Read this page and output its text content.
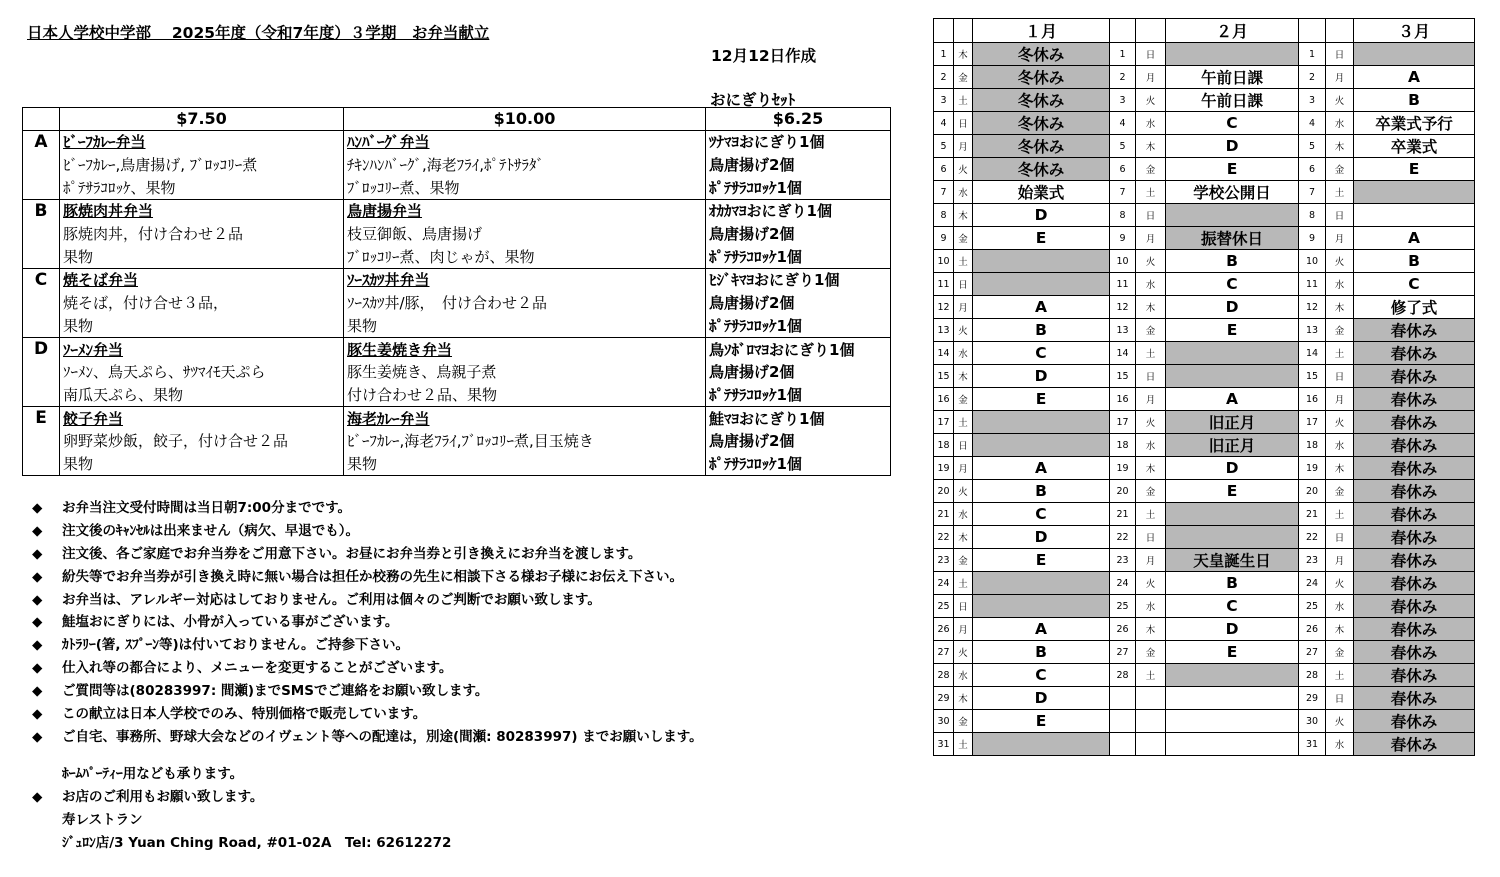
日本人学校中学部　 2025年度（令和7年度）３学期　お弁当献立
12月12日作成
おにぎりｾｯﾄ
	$7.50	$10.00	$6.25
A	ﾋﾞｰﾌｶﾚｰ弁当	ﾊﾝﾊﾞｰｸﾞ弁当	ﾂﾅﾏﾖおにぎり1個
	ﾋﾞｰﾌｶﾚｰ,鳥唐揚げ, ﾌﾞﾛｯｺﾘｰ煮	ﾁｷﾝﾊﾝﾊﾞｰｸﾞ,海老ﾌﾗｲ,ﾎﾟﾃﾄｻﾗﾀﾞ	鳥唐揚げ2個
	ﾎﾟﾃｻﾗｺﾛｯｹ、果物	ﾌﾞﾛｯｺﾘｰ煮、果物	ﾎﾟﾃｻﾗｺﾛｯｹ1個
B	豚焼肉丼弁当	鳥唐揚弁当	ｵｶｶﾏﾖおにぎり1個
	豚焼肉丼，付け合わせ２品	枝豆御飯、鳥唐揚げ	鳥唐揚げ2個
	果物	ﾌﾞﾛｯｺﾘｰ煮、肉じゃが、果物	ﾎﾟﾃｻﾗｺﾛｯｹ1個
C	焼そば弁当	ｿｰｽｶﾂ丼弁当	ﾋｼﾞｷﾏﾖおにぎり1個
	焼そば，付け合せ３品，	ｿｰｽｶﾂ丼/豚，　付け合わせ２品	鳥唐揚げ2個
	果物	果物	ﾎﾟﾃｻﾗｺﾛｯｹ1個
D	ｿｰﾒﾝ弁当	豚生姜焼き弁当	鳥ｿﾎﾞﾛﾏﾖおにぎり1個
	ｿｰﾒﾝ、鳥天ぷら、ｻﾂﾏｲﾓ天ぷら	豚生姜焼き、鳥親子煮	鳥唐揚げ2個
	南瓜天ぷら、果物	付け合わせ２品、果物	ﾎﾟﾃｻﾗｺﾛｯｹ1個
E	餃子弁当	海老ｶﾚｰ弁当	鮭ﾏﾖおにぎり1個
	卵野菜炒飯，餃子，付け合せ２品	ﾋﾞｰﾌｶﾚｰ,海老ﾌﾗｲ,ﾌﾞﾛｯｺﾘｰ煮,目玉焼き	鳥唐揚げ2個
	果物	果物	ﾎﾟﾃｻﾗｺﾛｯｹ1個
◆ お弁当注文受付時間は当日朝7:00分までです。
◆ 注文後のｷｬﾝｾﾙは出来ません（病欠、早退でも）。
◆ 注文後、各ご家庭でお弁当券をご用意下さい。お昼にお弁当券と引き換えにお弁当を渡します。
◆ 紛失等でお弁当券が引き換え時に無い場合は担任か校務の先生に相談下さる様お子様にお伝え下さい。
◆ お弁当は、アレルギー対応はしておりません。ご利用は個々のご判断でお願い致します。
◆ 鮭塩おにぎりには、小骨が入っている事がございます。
◆ ｶﾄﾗﾘｰ(箸, ｽﾌﾟｰﾝ等)は付いておりません。ご持参下さい。
◆ 仕入れ等の都合により、メニューを変更することがございます。
◆ ご質問等は(80283997: 間瀬)までSMSでご連絡をお願い致します。
◆ この献立は日本人学校でのみ、特別価格で販売しています。
◆ ご自宅、事務所、野球大会などのイヴェント等への配達は，別途(間瀬: 80283997) までお願いします。
ﾎｰﾑﾊﾟｰﾃｨｰ用なども承ります。
◆ お店のご利用もお願い致します。
寿レストラン
ｼﾞｭﾛﾝ店/3 Yuan Ching Road, #01-02A　Tel: 62612272
		１月			２月			３月
1	木	冬休み	1	日		1	日	
2	金	冬休み	2	月	午前日課	2	月	A
3	土	冬休み	3	火	午前日課	3	火	B
4	日	冬休み	4	水	C	4	水	卒業式予行
5	月	冬休み	5	木	D	5	木	卒業式
6	火	冬休み	6	金	E	6	金	E
7	水	始業式	7	土	学校公開日	7	土	
8	木	D	8	日		8	日	
9	金	E	9	月	振替休日	9	月	A
10	土		10	火	B	10	火	B
11	日		11	水	C	11	水	C
12	月	A	12	木	D	12	木	修了式
13	火	B	13	金	E	13	金	春休み
14	水	C	14	土		14	土	春休み
15	木	D	15	日		15	日	春休み
16	金	E	16	月	A	16	月	春休み
17	土		17	火	旧正月	17	火	春休み
18	日		18	水	旧正月	18	水	春休み
19	月	A	19	木	D	19	木	春休み
20	火	B	20	金	E	20	金	春休み
21	水	C	21	土		21	土	春休み
22	木	D	22	日		22	日	春休み
23	金	E	23	月	天皇誕生日	23	月	春休み
24	土		24	火	B	24	火	春休み
25	日		25	水	C	25	水	春休み
26	月	A	26	木	D	26	木	春休み
27	火	B	27	金	E	27	金	春休み
28	水	C	28	土		28	土	春休み
29	木	D				29	日	春休み
30	金	E				30	火	春休み
31	土					31	水	春休み
